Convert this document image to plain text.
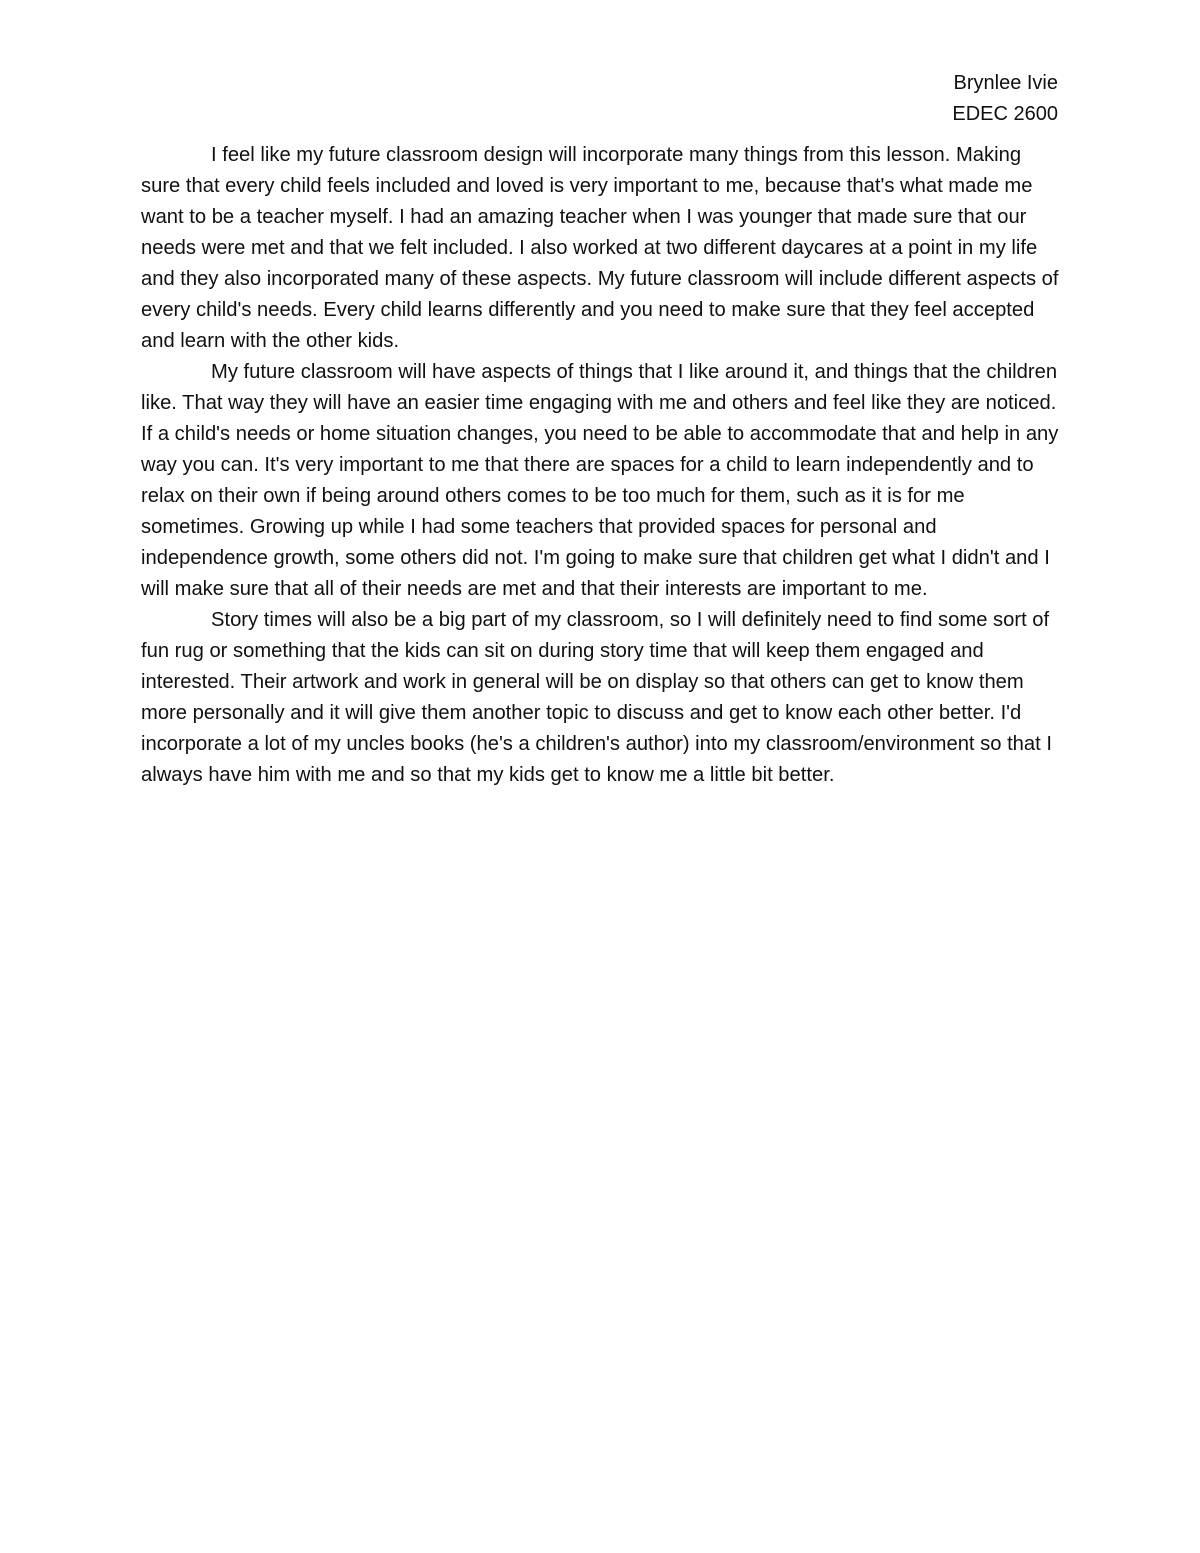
Brynlee Ivie
EDEC 2600

I feel like my future classroom design will incorporate many things from this lesson. Making sure that every child feels included and loved is very important to me, because that's what made me want to be a teacher myself. I had an amazing teacher when I was younger that made sure that our needs were met and that we felt included. I also worked at two different daycares at a point in my life and they also incorporated many of these aspects. My future classroom will include different aspects of every child's needs. Every child learns differently and you need to make sure that they feel accepted and learn with the other kids.

My future classroom will have aspects of things that I like around it, and things that the children like. That way they will have an easier time engaging with me and others and feel like they are noticed. If a child's needs or home situation changes, you need to be able to accommodate that and help in any way you can. It's very important to me that there are spaces for a child to learn independently and to relax on their own if being around others comes to be too much for them, such as it is for me sometimes. Growing up while I had some teachers that provided spaces for personal and independence growth, some others did not. I'm going to make sure that children get what I didn't and I will make sure that all of their needs are met and that their interests are important to me.

Story times will also be a big part of my classroom, so I will definitely need to find some sort of fun rug or something that the kids can sit on during story time that will keep them engaged and interested. Their artwork and work in general will be on display so that others can get to know them more personally and it will give them another topic to discuss and get to know each other better. I'd incorporate a lot of my uncles books (he's a children's author) into my classroom/environment so that I always have him with me and so that my kids get to know me a little bit better.
